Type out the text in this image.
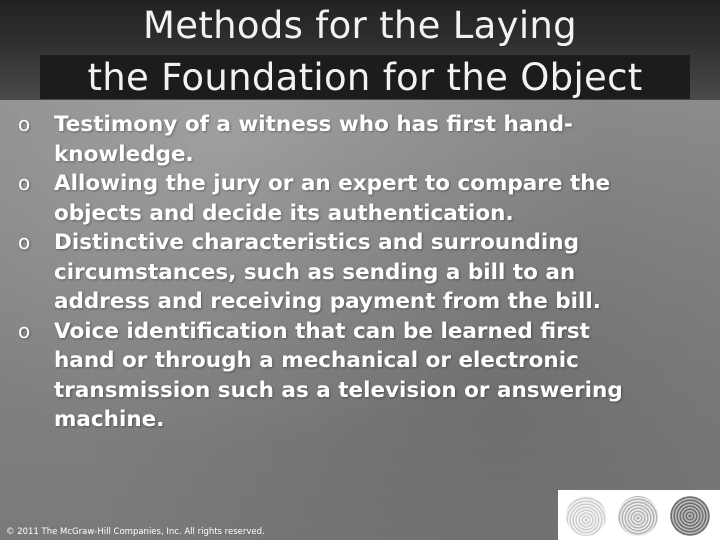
Methods for the Laying
the Foundation for the Object
o	Testimony of a witness who has first hand-
knowledge.
o	Allowing the jury or an expert to compare the
objects and decide its authentication.
o	Distinctive characteristics and surrounding
circumstances, such as sending a bill to an
address and receiving payment from the bill.
o	Voice identification that can be learned first
hand or through a mechanical or electronic
transmission such as a television or answering
machine.
© 2011 The McGraw-Hill Companies, Inc. All rights reserved.
